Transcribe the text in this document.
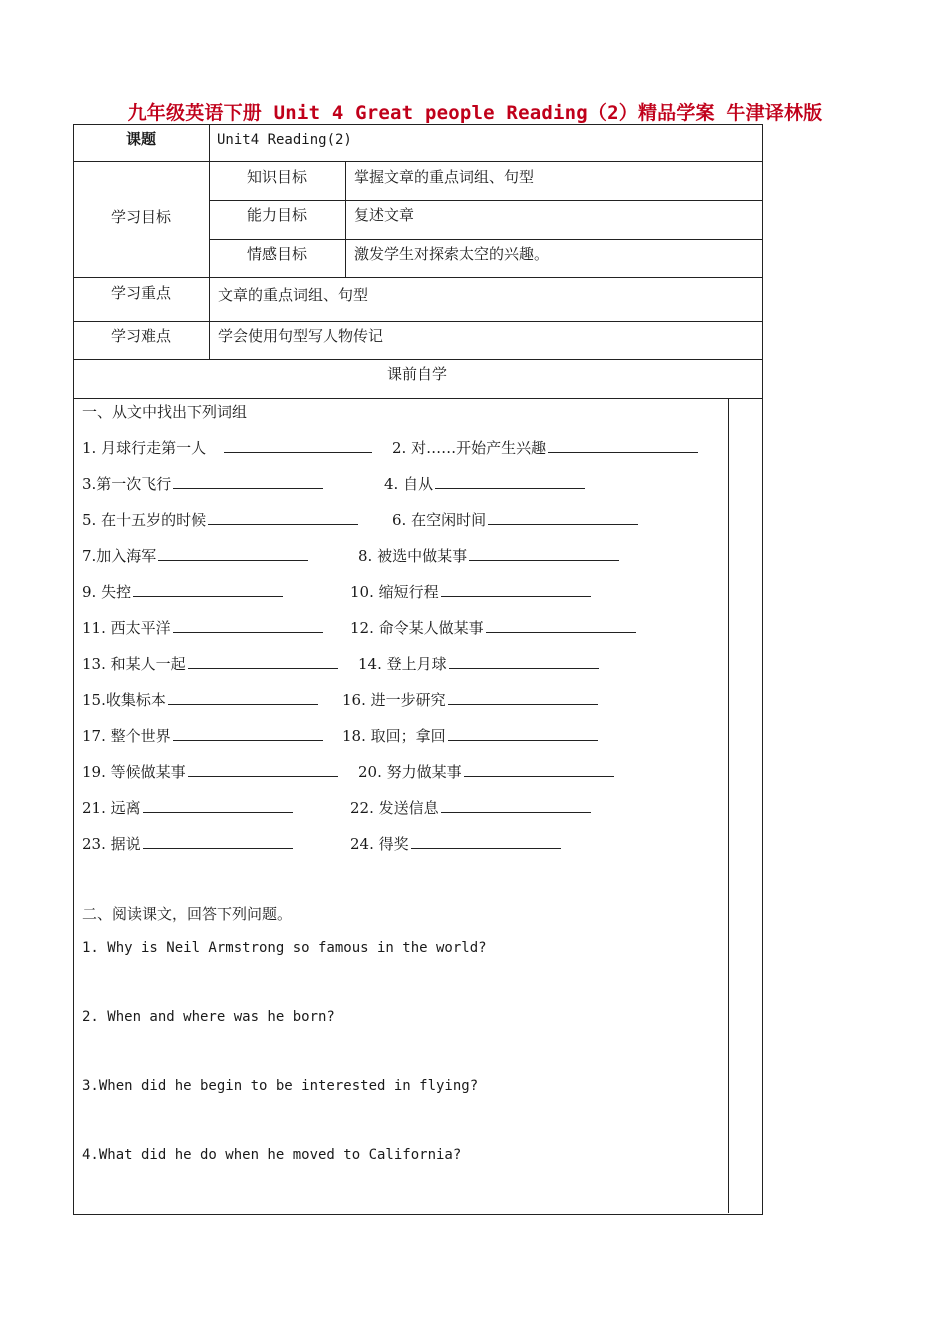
九年级英语下册 Unit 4 Great people Reading（2）精品学案 牛津译林版
课题	Unit4 Reading(2)
学习目标
知识目标	掌握文章的重点词组、句型
能力目标	复述文章
情感目标	激发学生对探索太空的兴趣。
学习重点	文章的重点词组、句型
学习难点	学会使用句型写人物传记
课前自学
一、从文中找出下列词组
1. 月球行走第一人	2. 对……开始产生兴趣
3.第一次飞行	4. 自从
5. 在十五岁的时候	6. 在空闲时间
7.加入海军	8. 被选中做某事
9. 失控	10. 缩短行程
11. 西太平洋	12. 命令某人做某事
13. 和某人一起	14. 登上月球
15.收集标本	16. 进一步研究
17. 整个世界	18. 取回；拿回
19. 等候做某事	20. 努力做某事
21. 远离	22. 发送信息
23. 据说	24. 得奖
二、阅读课文，回答下列问题。
1. Why is Neil Armstrong so famous in the world?
2. When and where was he born?
3.When did he begin to be interested in flying?
4.What did he do when he moved to California?
